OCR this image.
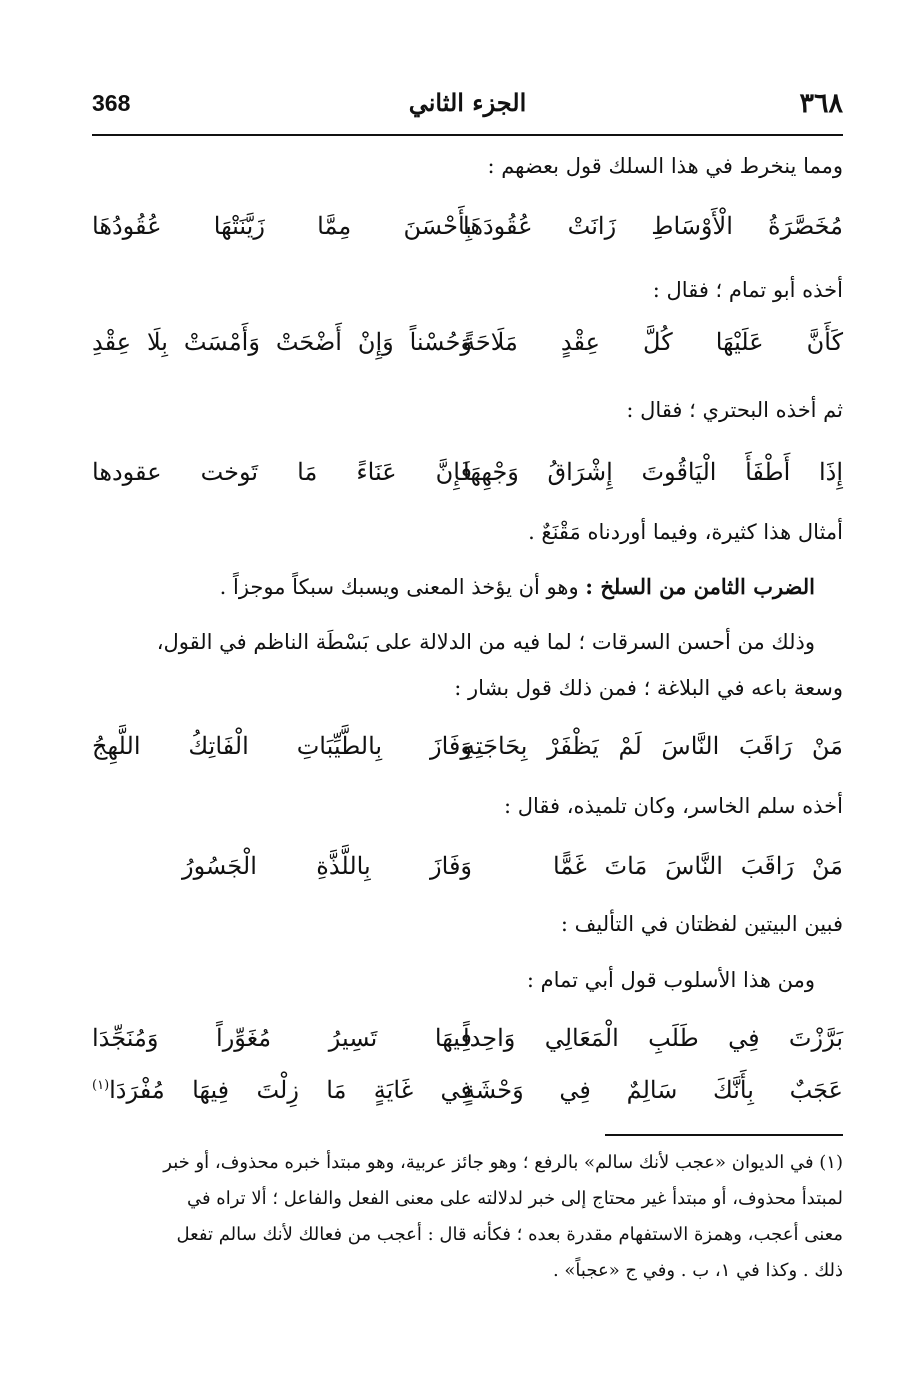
٣٦٨
الجزء الثاني
368
ومما ينخرط في هذا السلك قول بعضهم :
مُخَصَّرَةُ الْأَوْسَاطِ زَانَتْ عُقُودَهَا
بِأَحْسَنَ مِمَّا زَيَّنَتْهَا عُقُودُهَا
أخذه أبو تمام ؛ فقال :
كَأَنَّ عَلَيْهَا كُلَّ عِقْدٍ مَلَاحَةً
وَحُسْناً وَإِنْ أَضْحَتْ وَأَمْسَتْ بِلَا عِقْدِ
ثم أخذه البحتري ؛ فقال :
إِذَا أَطْفَأَ الْيَاقُوتَ إِشْرَاقُ وَجْهِهَا
فَإِنَّ عَنَاءً مَا تَوخت عقودها
أمثال هذا كثيرة، وفيما أوردناه مَقْنَعٌ .
الضرب الثامن من السلخ : وهو أن يؤخذ المعنى ويسبك سبكاً موجزاً .
وذلك من أحسن السرقات ؛ لما فيه من الدلالة على بَسْطَة الناظم في القول،
وسعة باعه في البلاغة ؛ فمن ذلك قول بشار :
مَنْ رَاقَبَ النَّاسَ لَمْ يَظْفَرْ بِحَاجَتِهِ
وَفَازَ بِالطَّيِّبَاتِ الْفَاتِكُ اللَّهِجُ
أخذه سلم الخاسر، وكان تلميذه، فقال :
مَنْ رَاقَبَ النَّاسَ مَاتَ غَمًّا
وَفَازَ بِاللَّذَّةِ الْجَسُورُ
فبين البيتين لفظتان في التأليف :
ومن هذا الأسلوب قول أبي تمام :
بَرَّزْتَ فِي طَلَبِ الْمَعَالِي وَاحِداً
فِيهَا تَسِيرُ مُغَوِّراً وَمُنَجِّدَا
عَجَبٌ بِأَنَّكَ سَالِمٌ فِي وَحْشَةٍ
فِي غَايَةٍ مَا زِلْتَ فِيهَا مُفْرَدَا$^{(١)}$
(١) في الديوان «عجب لأنك سالم» بالرفع ؛ وهو جائز عربية، وهو مبتدأ خبره محذوف، أو خبر
لمبتدأ محذوف، أو مبتدأ غير محتاج إلى خبر لدلالته على معنى الفعل والفاعل ؛ ألا تراه في
معنى أعجب، وهمزة الاستفهام مقدرة بعده ؛ فكأنه قال : أعجب من فعالك لأنك سالم تفعل
ذلك . وكذا في ١، ب . وفي ج «عجباً» .
